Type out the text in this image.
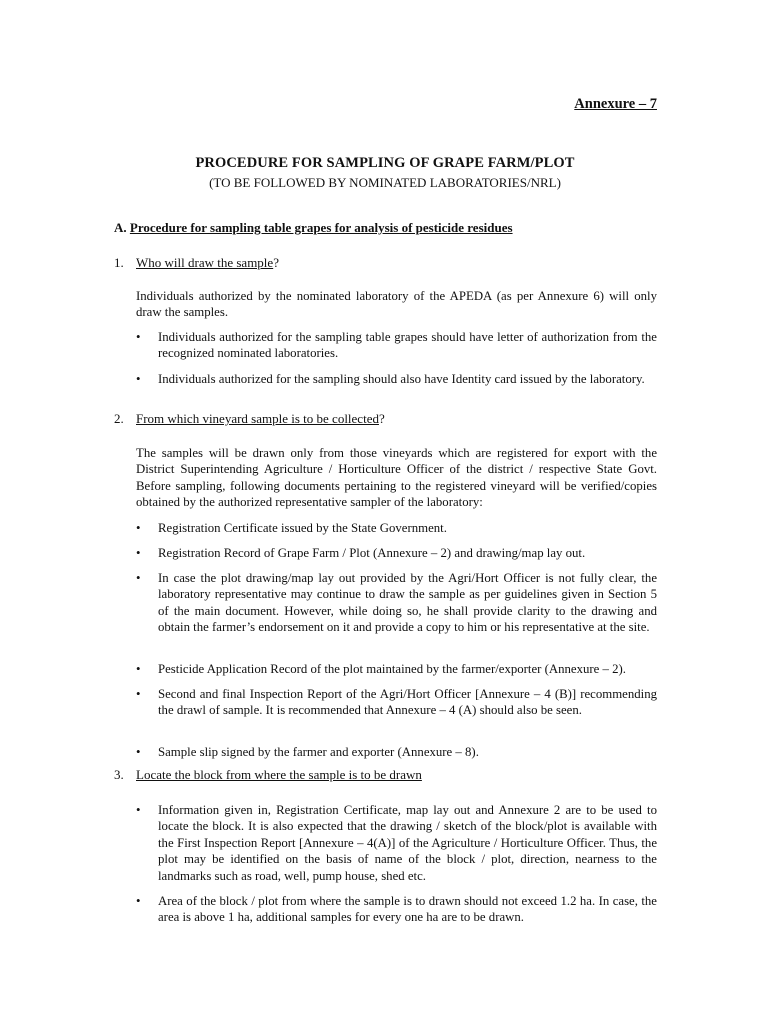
Annexure – 7
PROCEDURE FOR SAMPLING OF GRAPE FARM/PLOT
(TO BE FOLLOWED BY NOMINATED LABORATORIES/NRL)
A. Procedure for sampling table grapes for analysis of pesticide residues
1. Who will draw the sample?
Individuals authorized by the nominated laboratory of the APEDA (as per Annexure 6) will only draw the samples.
•	Individuals authorized for the sampling table grapes should have letter of authorization from the recognized nominated laboratories.
•	Individuals authorized for the sampling should also have Identity card issued by the laboratory.
2. From which vineyard sample is to be collected?
The samples will be drawn only from those vineyards which are registered for export with the District Superintending Agriculture / Horticulture Officer of the district / respective State Govt. Before sampling, following documents pertaining to the registered vineyard will be verified/copies obtained by the authorized representative sampler of the laboratory:
•	Registration Certificate issued by the State Government.
•	Registration Record of Grape Farm / Plot (Annexure – 2) and drawing/map lay out.
•	In case the plot drawing/map lay out provided by the Agri/Hort Officer is not fully clear, the laboratory representative may continue to draw the sample as per guidelines given in Section 5 of the main document. However, while doing so, he shall provide clarity to the drawing and obtain the farmer’s endorsement on it and provide a copy to him or his representative at the site.
•	Pesticide Application Record of the plot maintained by the farmer/exporter (Annexure – 2).
•	Second and final Inspection Report of the Agri/Hort Officer [Annexure – 4 (B)] recommending the drawl of sample. It is recommended that Annexure – 4 (A) should also be seen.
•	Sample slip signed by the farmer and exporter (Annexure – 8).
3. Locate the block from where the sample is to be drawn
•	Information given in, Registration Certificate, map lay out and Annexure 2 are to be used to locate the block. It is also expected that the drawing / sketch of the block/plot is available with the First Inspection Report [Annexure – 4(A)] of the Agriculture / Horticulture Officer. Thus, the plot may be identified on the basis of name of the block / plot, direction, nearness to the landmarks such as road, well, pump house, shed etc.
•	Area of the block / plot from where the sample is to drawn should not exceed 1.2 ha. In case, the area is above 1 ha, additional samples for every one ha are to be drawn.
